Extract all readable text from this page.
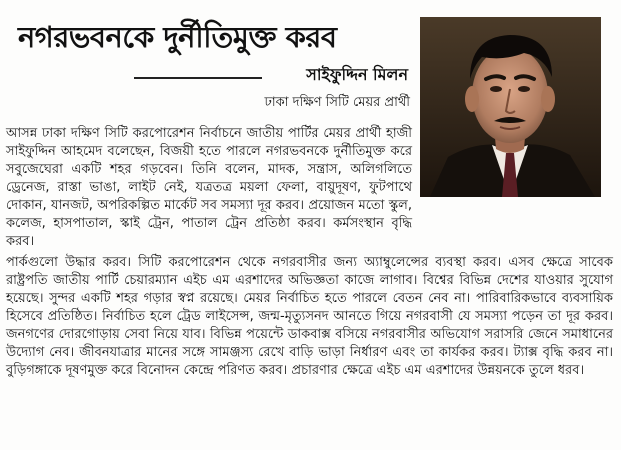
নগরভবনকে দুর্নীতিমুক্ত করব
সাইফুদ্দিন মিলন
ঢাকা দক্ষিণ সিটি মেয়র প্রার্থী

আসন্ন ঢাকা দক্ষিণ সিটি করপোরেশন নির্বাচনে জাতীয় পার্টির মেয়র প্রার্থী হাজী সাইফুদ্দিন আহমেদ বলেছেন, বিজয়ী হতে পারলে নগরভবনকে দুর্নীতিমুক্ত করে সবুজেঘেরা একটি শহর গড়বেন। তিনি বলেন, মাদক, সন্ত্রাস, অলিগলিতে ড্রেনেজ, রাস্তা ভাঙা, লাইট নেই, যত্রতত্র ময়লা ফেলা, বায়ুদূষণ, ফুটপাথে দোকান, যানজট, অপরিকল্পিত মার্কেট সব সমস্যা দূর করব। প্রয়োজন মতো স্কুল, কলেজ, হাসপাতাল, স্কাই ট্রেন, পাতাল ট্রেন প্রতিষ্ঠা করব। কর্মসংস্থান বৃদ্ধি করব।

পার্কগুলো উদ্ধার করব। সিটি করপোরেশন থেকে নগরবাসীর জন্য অ্যাম্বুলেন্সের ব্যবস্থা করব। এসব ক্ষেত্রে সাবেক রাষ্ট্রপতি জাতীয় পার্টি চেয়ারম্যান এইচ এম এরশাদের অভিজ্ঞতা কাজে লাগাব। বিশ্বের বিভিন্ন দেশের যাওয়ার সুযোগ হয়েছে। সুন্দর একটি শহর গড়ার স্বপ্ন রয়েছে। মেয়র নির্বাচিত হতে পারলে বেতন নেব না। পারিবারিকভাবে ব্যবসায়িক হিসেবে প্রতিষ্ঠিত। নির্বাচিত হলে ট্রেড লাইসেন্স, জন্ম-মৃত্যুসনদ আনতে গিয়ে নগরবাসী যে সমস্যা পড়েন তা দূর করব। জনগণের দোরগোড়ায় সেবা নিয়ে যাব। বিভিন্ন পয়েন্টে ডাকবাক্স বসিয়ে নগরবাসীর অভিযোগ সরাসরি জেনে সমাধানের উদ্যোগ নেব। জীবনযাত্রার মানের সঙ্গে সামঞ্জস্য রেখে বাড়ি ভাড়া নির্ধারণ এবং তা কার্যকর করব। ট্যাক্স বৃদ্ধি করব না। বুড়িগঙ্গাকে দূষণমুক্ত করে বিনোদন কেন্দ্রে পরিণত করব। প্রচারণার ক্ষেত্রে এইচ এম এরশাদের উন্নয়নকে তুলে ধরব।
